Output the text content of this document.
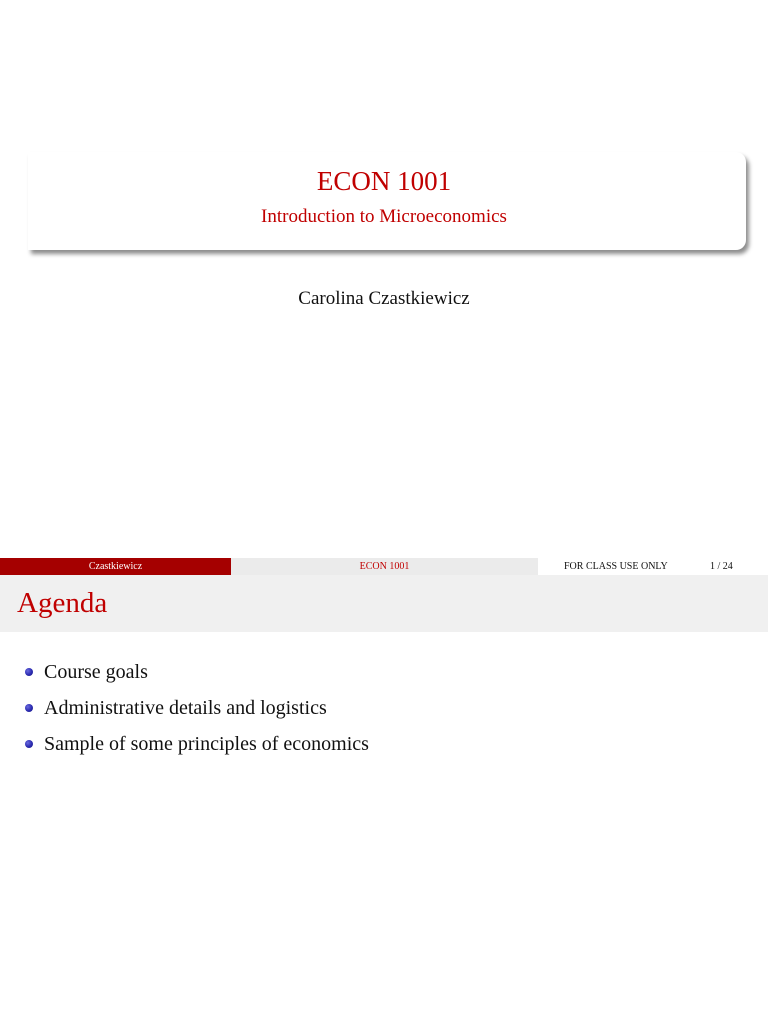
ECON 1001
Introduction to Microeconomics
Carolina Czastkiewicz
Czastkiewicz	ECON 1001	FOR CLASS USE ONLY	1 / 24
Agenda
Course goals
Administrative details and logistics
Sample of some principles of economics
